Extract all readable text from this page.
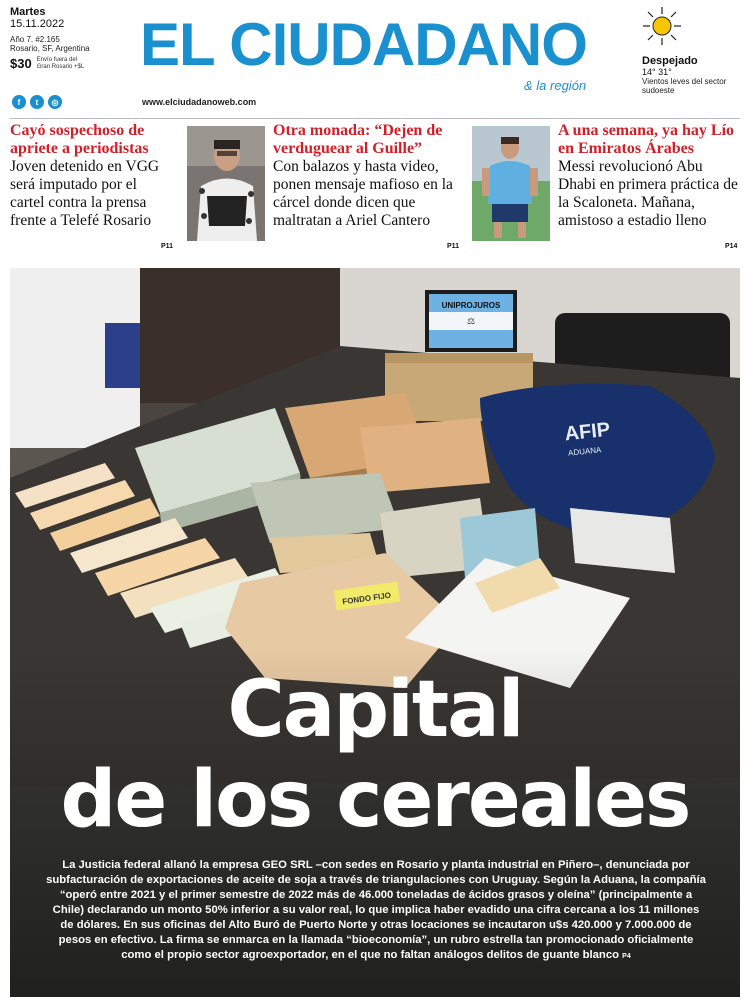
Martes
15.11.2022
Año 7. #2.165
Rosario, SF, Argentina
$30 Envío fuera del Gran Rosario +$L EL CIUDADANO
& la región
www.elciudadanoweb.com
f	t	◎
Despejado
14° 31°
Vientos leves del sector sudoeste
Cayó sospechoso de apriete a periodistas
Joven detenido en VGG será imputado por el cartel contra la prensa frente a Telefé Rosario
P11
Otra monada: “Dejen de verduguear al Guille”
Con balazos y hasta video, ponen mensaje mafioso en la cárcel donde dicen que maltratan a Ariel Cantero
P11
A una semana, ya hay Lío en Emiratos Árabes
Messi revolucionó Abu Dhabi en primera práctica de la Scaloneta. Mañana, amistoso a estadio lleno
P14
UNIPROJUROS
⚖
AFIP
ADUANA
FONDO FIJO
Capital
de los cereales
La Justicia federal allanó la empresa GEO SRL –con sedes en Rosario y planta industrial en Piñero–, denunciada por subfacturación de exportaciones de aceite de soja a través de triangulaciones con Uruguay. Según la Aduana, la compañía “operó entre 2021 y el primer semestre de 2022 más de 46.000 toneladas de ácidos grasos y oleína” (principalmente a Chile) declarando un monto 50% inferior a su valor real, lo que implica haber evadido una cifra cercana a los 11 millones de dólares. En sus oficinas del Alto Buró de Puerto Norte y otras locaciones se incautaron u$s 420.000 y 7.000.000 de pesos en efectivo. La firma se enmarca en la llamada “bioeconomía”, un rubro estrella tan promocionado oficialmente como el propio sector agroexportador, en el que no faltan análogos delitos de guante blanco P4
